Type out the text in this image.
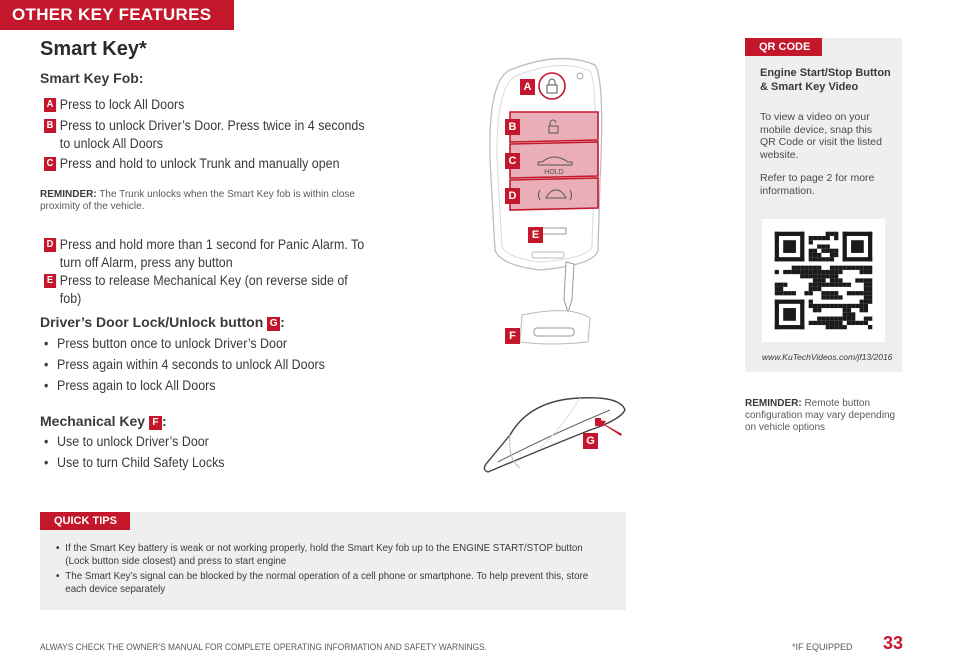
OTHER KEY FEATURES
Smart Key*
Smart Key Fob:
A Press to lock All Doors
B Press to unlock Driver’s Door. Press twice in 4 seconds to unlock All Doors
C Press and hold to unlock Trunk and manually open
REMINDER: The Trunk unlocks when the Smart Key fob is within close proximity of the vehicle.
D Press and hold more than 1 second for Panic Alarm. To turn off Alarm, press any button
E Press to release Mechanical Key (on reverse side of fob)
Driver’s Door Lock/Unlock button G :
• Press button once to unlock Driver’s Door
• Press again within 4 seconds to unlock All Doors
• Press again to lock All Doors
Mechanical Key F :
• Use to unlock Driver’s Door
• Use to turn Child Safety Locks
HOLD
A
B
C
D
E
F
G
QR CODE
Engine Start/Stop Button & Smart Key Video
To view a video on your mobile device, snap this QR Code or visit the listed website.
Refer to page 2 for more information.
www.KuTechVideos.com/jf13/2016
REMINDER: Remote button configuration may vary depending on vehicle options
QUICK TIPS
• If the Smart Key battery is weak or not working properly, hold the Smart Key fob up to the ENGINE START/STOP button (Lock button side closest) and press to start engine
• The Smart Key’s signal can be blocked by the normal operation of a cell phone or smartphone. To help prevent this, store each device separately
ALWAYS CHECK THE OWNER’S MANUAL FOR COMPLETE OPERATING INFORMATION AND SAFETY WARNINGS.	*IF EQUIPPED 33
